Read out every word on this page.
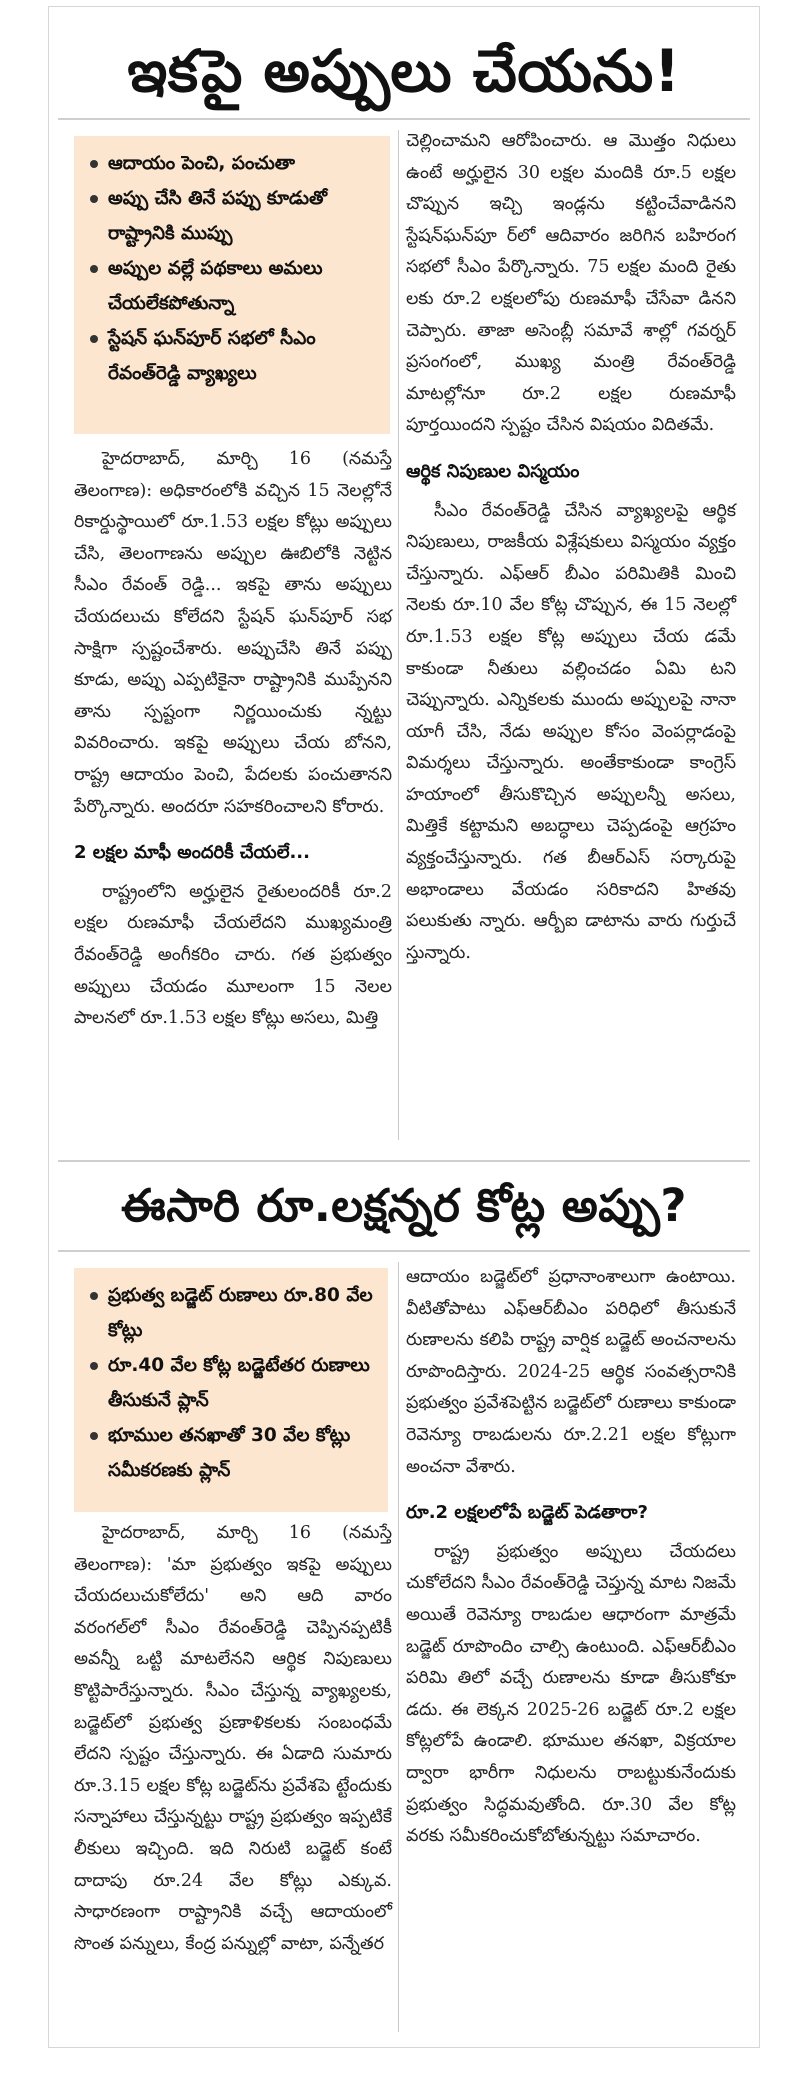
ఇకపై అప్పులు చేయను!
ఆదాయం పెంచి, పంచుతా
అప్పు చేసి తినే పప్పు కూడుతో రాష్ట్రానికి ముప్పు
అప్పుల వల్లే పథకాలు అమలు చేయలేకపోతున్నా
స్టేషన్ ఘన్‌పూర్ సభలో సీఎం రేవంత్‌రెడ్డి వ్యాఖ్యలు

హైదరాబాద్, మార్చి 16 (నమస్తే తెలంగాణ): అధికారంలోకి వచ్చిన 15 నెలల్లోనే రికార్డుస్థాయిలో రూ.1.53 లక్షల కోట్లు అప్పులు చేసి, తెలంగాణను అప్పుల ఊబిలోకి నెట్టిన సీఎం రేవంత్ రెడ్డి... ఇకపై తాను అప్పులు చేయదలుచు కోలేదని స్టేషన్ ఘన్‌పూర్ సభ సాక్షిగా స్పష్టంచేశారు. అప్పుచేసి తినే పప్పు కూడు, అప్పు ఎప్పటికైనా రాష్ట్రానికి ముప్పేనని తాను స్పష్టంగా నిర్ణయించుకు న్నట్టు వివరించారు. ఇకపై అప్పులు చేయ బోనని, రాష్ట్ర ఆదాయం పెంచి, పేదలకు పంచుతానని పేర్కొన్నారు. అందరూ సహకరించాలని కోరారు.

2 లక్షల మాఫీ అందరికీ చేయలే...

రాష్ట్రంలోని అర్హులైన రైతులందరికీ రూ.2 లక్షల రుణమాఫీ చేయలేదని ముఖ్యమంత్రి రేవంత్‌రెడ్డి అంగీకరిం చారు. గత ప్రభుత్వం అప్పులు చేయడం మూలంగా 15 నెలల పాలనలో రూ.1.53 లక్షల కోట్లు అసలు, మిత్తి

చెల్లించామని ఆరోపించారు. ఆ మొత్తం నిధులు ఉంటే అర్హులైన 30 లక్షల మందికి రూ.5 లక్షల చొప్పున ఇచ్చి ఇండ్లను కట్టించేవాడినని స్టేషన్‌ఘన్‌పూ ర్‌లో ఆదివారం జరిగిన బహిరంగ సభలో సీఎం పేర్కొన్నారు. 75 లక్షల మంది రైతు లకు రూ.2 లక్షలలోపు రుణమాఫీ చేసేవా డినని చెప్పారు. తాజా అసెంబ్లీ సమావే శాల్లో గవర్నర్ ప్రసంగంలో, ముఖ్య మంత్రి రేవంత్‌రెడ్డి మాటల్లోనూ రూ.2 లక్షల రుణమాఫీ పూర్తయిందని స్పష్టం చేసిన విషయం విదితమే.

ఆర్థిక నిపుణుల విస్మయం

సీఎం రేవంత్‌రెడ్డి చేసిన వ్యాఖ్యలపై ఆర్థిక నిపుణులు, రాజకీయ విశ్లేషకులు విస్మయం వ్యక్తం చేస్తున్నారు. ఎఫ్‌ఆర్ బీఎం పరిమితికి మించి నెలకు రూ.10 వేల కోట్ల చొప్పున, ఈ 15 నెలల్లో రూ.1.53 లక్షల కోట్ల అప్పులు చేయ డమే కాకుండా నీతులు వల్లించడం ఏమి టని చెప్పున్నారు. ఎన్నికలకు ముందు అప్పులపై నానా యాగీ చేసి, నేడు అప్పుల కోసం వెంపర్లాడంపై విమర్శలు చేస్తున్నారు. అంతేకాకుండా కాంగ్రెస్ హయాంలో తీసుకొచ్చిన అప్పులన్నీ అసలు, మిత్తికే కట్టామని అబద్ధాలు చెప్పడంపై ఆగ్రహం వ్యక్తంచేస్తున్నారు. గత బీఆర్‌ఎస్ సర్కారుపై అభాండాలు వేయడం సరికాదని హితవు పలుకుతు న్నారు. ఆర్బీఐ డాటాను వారు గుర్తుచే స్తున్నారు.

ఈసారి రూ.లక్షన్నర కోట్ల అప్పు?
ప్రభుత్వ బడ్జెట్ రుణాలు రూ.80 వేల కోట్లు
రూ.40 వేల కోట్ల బడ్జెటేతర రుణాలు తీసుకునే ప్లాన్
భూముల తనఖాతో 30 వేల కోట్లు సమీకరణకు ప్లాన్

హైదరాబాద్, మార్చి 16 (నమస్తే తెలంగాణ): 'మా ప్రభుత్వం ఇకపై అప్పులు చేయదలుచుకోలేదు' అని ఆది వారం వరంగల్‌లో సీఎం రేవంత్‌రెడ్డి చెప్పినప్పటికీ అవన్నీ ఒట్టి మాటలేనని ఆర్థిక నిపుణులు కొట్టిపారేస్తున్నారు. సీఎం చేస్తున్న వ్యాఖ్యలకు, బడ్జెట్‌లో ప్రభుత్వ ప్రణాళికలకు సంబంధమే లేదని స్పష్టం చేస్తున్నారు. ఈ ఏడాది సుమారు రూ.3.15 లక్షల కోట్ల బడ్జెట్‌ను ప్రవేశపె ట్టేందుకు సన్నాహాలు చేస్తున్నట్టు రాష్ట్ర ప్రభుత్వం ఇప్పటికే లీకులు ఇచ్చింది. ఇది నిరుటి బడ్జెట్ కంటే దాదాపు రూ.24 వేల కోట్లు ఎక్కువ. సాధారణంగా రాష్ట్రానికి వచ్చే ఆదాయంలో సొంత పన్నులు, కేంద్ర పన్నుల్లో వాటా, పన్నేతర

ఆదాయం బడ్జెట్‌లో ప్రధానాంశాలుగా ఉంటాయి. వీటితోపాటు ఎఫ్‌ఆర్‌బీఎం పరిధిలో తీసుకునే రుణాలను కలిపి రాష్ట్ర వార్షిక బడ్జెట్ అంచనాలను రూపొందిస్తారు. 2024-25 ఆర్థిక సంవత్సరానికి ప్రభుత్వం ప్రవేశపెట్టిన బడ్జెట్‌లో రుణాలు కాకుండా రెవెన్యూ రాబడులను రూ.2.21 లక్షల కోట్లుగా అంచనా వేశారు.

రూ.2 లక్షలలోపే బడ్జెట్ పెడతారా?

రాష్ట్ర ప్రభుత్వం అప్పులు చేయదలు చుకోలేదని సీఎం రేవంత్‌రెడ్డి చెప్తున్న మాట నిజమే అయితే రెవెన్యూ రాబడుల ఆధారంగా మాత్రమే బడ్జెట్ రూపొందిం చాల్సి ఉంటుంది. ఎఫ్‌ఆర్‌బీఎం పరిమి తిలో వచ్చే రుణాలను కూడా తీసుకోకూ డదు. ఈ లెక్కన 2025-26 బడ్జెట్ రూ.2 లక్షల కోట్లలోపే ఉండాలి. భూముల తనఖా, విక్రయాల ద్వారా భారీగా నిధులను రాబట్టుకునేందుకు ప్రభుత్వం సిద్ధమవుతోంది. రూ.30 వేల కోట్ల వరకు సమీకరించుకోబోతున్నట్టు సమాచారం.
